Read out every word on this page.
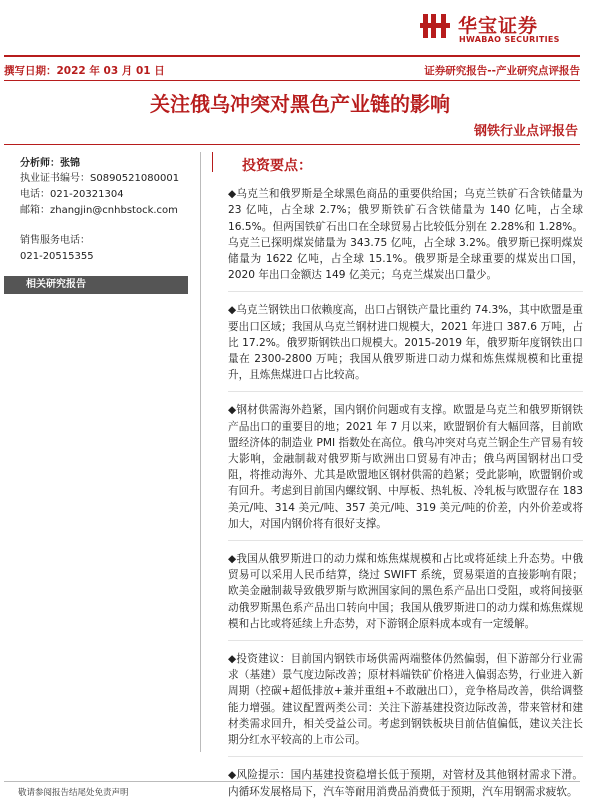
华宝证券
HWABAO SECURITIES
撰写日期：2022 年 03 月 01 日	证券研究报告--产业研究点评报告
关注俄乌冲突对黑色产业链的影响
钢铁行业点评报告
分析师：张锦
执业证书编号：S0890521080001
电话：021-20321304
邮箱：zhangjin@cnhbstock.com
销售服务电话：
021-20515355
相关研究报告
投资要点：
◆乌克兰和俄罗斯是全球黑色商品的重要供给国；乌克兰铁矿石含铁储量为 23 亿吨，占全球 2.7%；俄罗斯铁矿石含铁储量为 140 亿吨，占全球 16.5%。但两国铁矿石出口在全球贸易占比较低分别在 2.28%和 1.28%。乌克兰已探明煤炭储量为 343.75 亿吨，占全球 3.2%。俄罗斯已探明煤炭储量为 1622 亿吨，占全球 15.1%。俄罗斯是全球重要的煤炭出口国，2020 年出口金额达 149 亿美元；乌克兰煤炭出口量少。
◆乌克兰钢铁出口依赖度高，出口占钢铁产量比重约 74.3%，其中欧盟是重要出口区域；我国从乌克兰钢材进口规模大，2021 年进口 387.6 万吨，占比 17.2%。俄罗斯钢铁出口规模大。2015-2019 年，俄罗斯年度钢铁出口量在 2300-2800 万吨；我国从俄罗斯进口动力煤和炼焦煤规模和比重提升，且炼焦煤进口占比较高。
◆钢材供需海外趋紧，国内钢价问题或有支撑。欧盟是乌克兰和俄罗斯钢铁产品出口的重要目的地；2021 年 7 月以来，欧盟钢价有大幅回落，目前欧盟经济体的制造业 PMI 指数处在高位。俄乌冲突对乌克兰钢企生产冒易有较大影响，金融制裁对俄罗斯与欧洲出口贸易有冲击；俄乌两国钢材出口受阻，将推动海外、尤其是欧盟地区钢材供需的趋紧；受此影响，欧盟钢价或有回升。考虑到目前国内螺纹钢、中厚板、热轧板、冷轧板与欧盟存在 183 美元/吨、314 美元/吨、357 美元/吨、319 美元/吨的价差，内外价差或将加大，对国内钢价将有很好支撑。
◆我国从俄罗斯进口的动力煤和炼焦煤规模和占比或将延续上升态势。中俄贸易可以采用人民币结算，绕过 SWIFT 系统，贸易渠道的直接影响有限；欧美金融制裁导致俄罗斯与欧洲国家间的黑色系产品出口受阻，或将间接驱动俄罗斯黑色系产品出口转向中国；我国从俄罗斯进口的动力煤和炼焦煤规模和占比或将延续上升态势，对下游钢企原料成本或有一定缓解。
◆投资建议：目前国内钢铁市场供需两端整体仍然偏弱，但下游部分行业需求（基建）景气度边际改善；原材料端铁矿价格进入偏弱态势，行业进入新周期（控碳+超低排放+兼并重组+不敢融出口），竞争格局改善，供给调整能力增强。建议配置两类公司：关注下游基建投资边际改善，带来管材和建材类需求回升，相关受益公司。考虑到钢铁板块目前估值偏低，建议关注长期分红水平较高的上市公司。
◆风险提示：国内基建投资稳增长低于预期，对管材及其他钢材需求下滑。内循环发展格局下，汽车等耐用消费品消费低于预期，汽车用钢需求疲软。
敬请参阅报告结尾处免责声明
